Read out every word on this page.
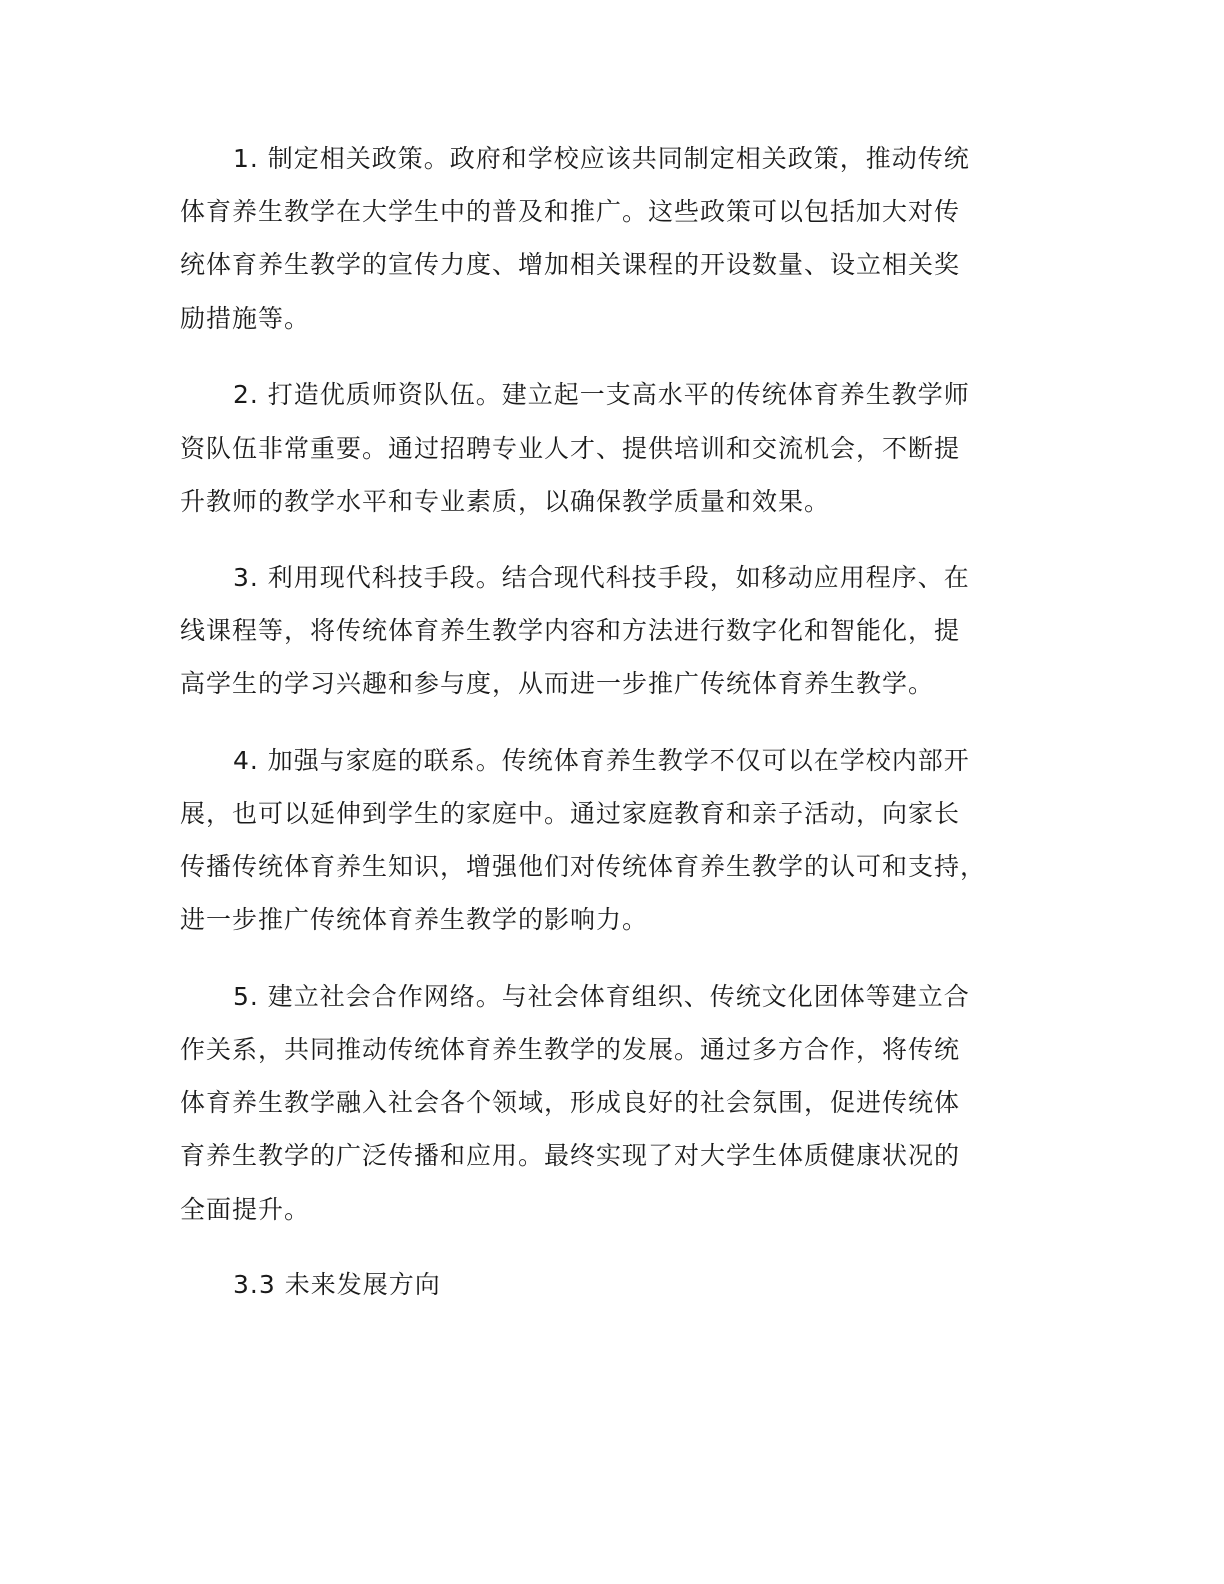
1. 制定相关政策。政府和学校应该共同制定相关政策，推动传统
体育养生教学在大学生中的普及和推广。这些政策可以包括加大对传
统体育养生教学的宣传力度、增加相关课程的开设数量、设立相关奖
励措施等。
2. 打造优质师资队伍。建立起一支高水平的传统体育养生教学师
资队伍非常重要。通过招聘专业人才、提供培训和交流机会，不断提
升教师的教学水平和专业素质，以确保教学质量和效果。
3. 利用现代科技手段。结合现代科技手段，如移动应用程序、在
线课程等，将传统体育养生教学内容和方法进行数字化和智能化，提
高学生的学习兴趣和参与度，从而进一步推广传统体育养生教学。
4. 加强与家庭的联系。传统体育养生教学不仅可以在学校内部开
展，也可以延伸到学生的家庭中。通过家庭教育和亲子活动，向家长
传播传统体育养生知识，增强他们对传统体育养生教学的认可和支持，
进一步推广传统体育养生教学的影响力。
5. 建立社会合作网络。与社会体育组织、传统文化团体等建立合
作关系，共同推动传统体育养生教学的发展。通过多方合作，将传统
体育养生教学融入社会各个领域，形成良好的社会氛围，促进传统体
育养生教学的广泛传播和应用。最终实现了对大学生体质健康状况的
全面提升。
3.3 未来发展方向
